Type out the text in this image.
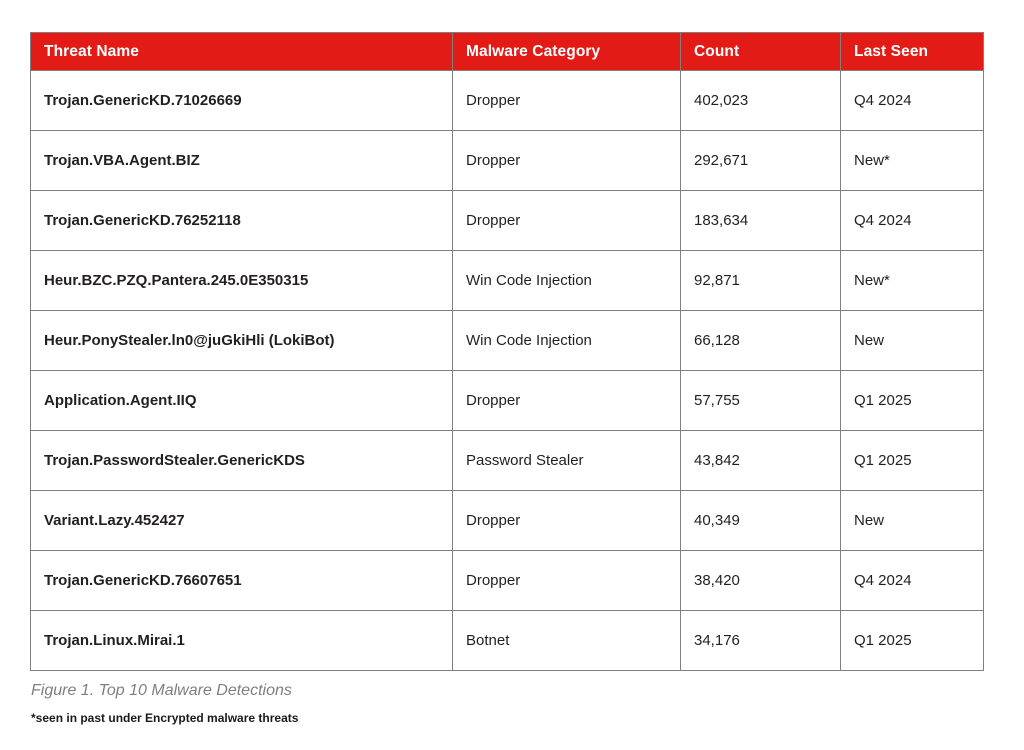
Threat Name	Malware Category	Count	Last Seen
Trojan.GenericKD.71026669	Dropper	402,023	Q4 2024
Trojan.VBA.Agent.BIZ	Dropper	292,671	New*
Trojan.GenericKD.76252118	Dropper	183,634	Q4 2024
Heur.BZC.PZQ.Pantera.245.0E350315	Win Code Injection	92,871	New*
Heur.PonyStealer.ln0@juGkiHli (LokiBot)	Win Code Injection	66,128	New
Application.Agent.IIQ	Dropper	57,755	Q1 2025
Trojan.PasswordStealer.GenericKDS	Password Stealer	43,842	Q1 2025
Variant.Lazy.452427	Dropper	40,349	New
Trojan.GenericKD.76607651	Dropper	38,420	Q4 2024
Trojan.Linux.Mirai.1	Botnet	34,176	Q1 2025
Figure 1. Top 10 Malware Detections
*seen in past under Encrypted malware threats
